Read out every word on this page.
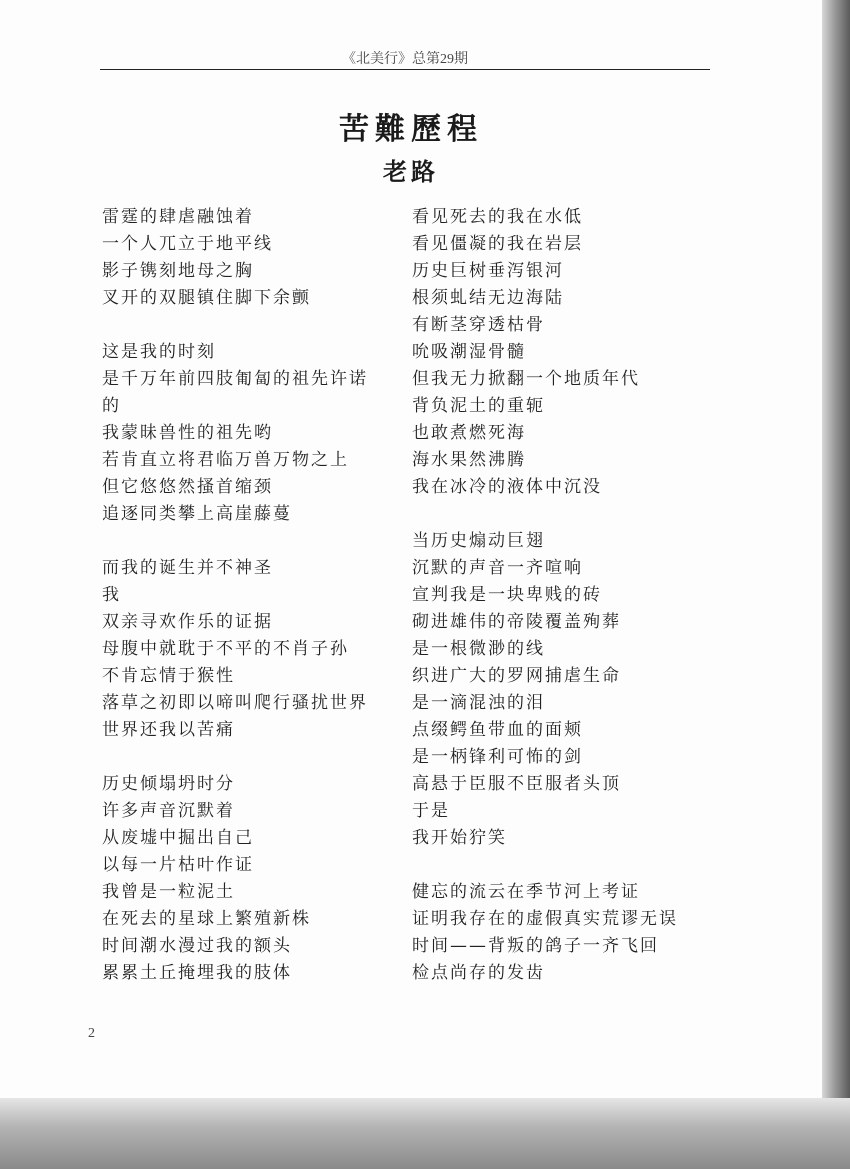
《北美行》总第29期
苦難歷程
老路
雷霆的肆虐融蚀着
一个人兀立于地平线
影子镌刻地母之胸
叉开的双腿镇住脚下余颤
这是我的时刻
是千万年前四肢匍匐的祖先许诺
的
我蒙昧兽性的祖先哟
若肯直立将君临万兽万物之上
但它悠悠然搔首缩颈
追逐同类攀上高崖藤蔓
而我的诞生并不神圣
我
双亲寻欢作乐的证据
母腹中就耽于不平的不肖子孙
不肯忘情于猴性
落草之初即以啼叫爬行骚扰世界
世界还我以苦痛
历史倾塌坍时分
许多声音沉默着
从废墟中掘出自己
以每一片枯叶作证
我曾是一粒泥土
在死去的星球上繁殖新株
时间潮水漫过我的额头
累累土丘掩埋我的肢体
看见死去的我在水低
看见僵凝的我在岩层
历史巨树垂泻银河
根须虬结无边海陆
有断茎穿透枯骨
吮吸潮湿骨髓
但我无力掀翻一个地质年代
背负泥土的重轭
也敢煮燃死海
海水果然沸腾
我在冰冷的液体中沉没
当历史煽动巨翅
沉默的声音一齐喧响
宣判我是一块卑贱的砖
砌进雄伟的帝陵覆盖殉葬
是一根微渺的线
织进广大的罗网捕虐生命
是一滴混浊的泪
点缀鳄鱼带血的面颊
是一柄锋利可怖的剑
高悬于臣服不臣服者头顶
于是
我开始狞笑
健忘的流云在季节河上考证
证明我存在的虚假真实荒谬无误
时间——背叛的鸽子一齐飞回
检点尚存的发齿
2
